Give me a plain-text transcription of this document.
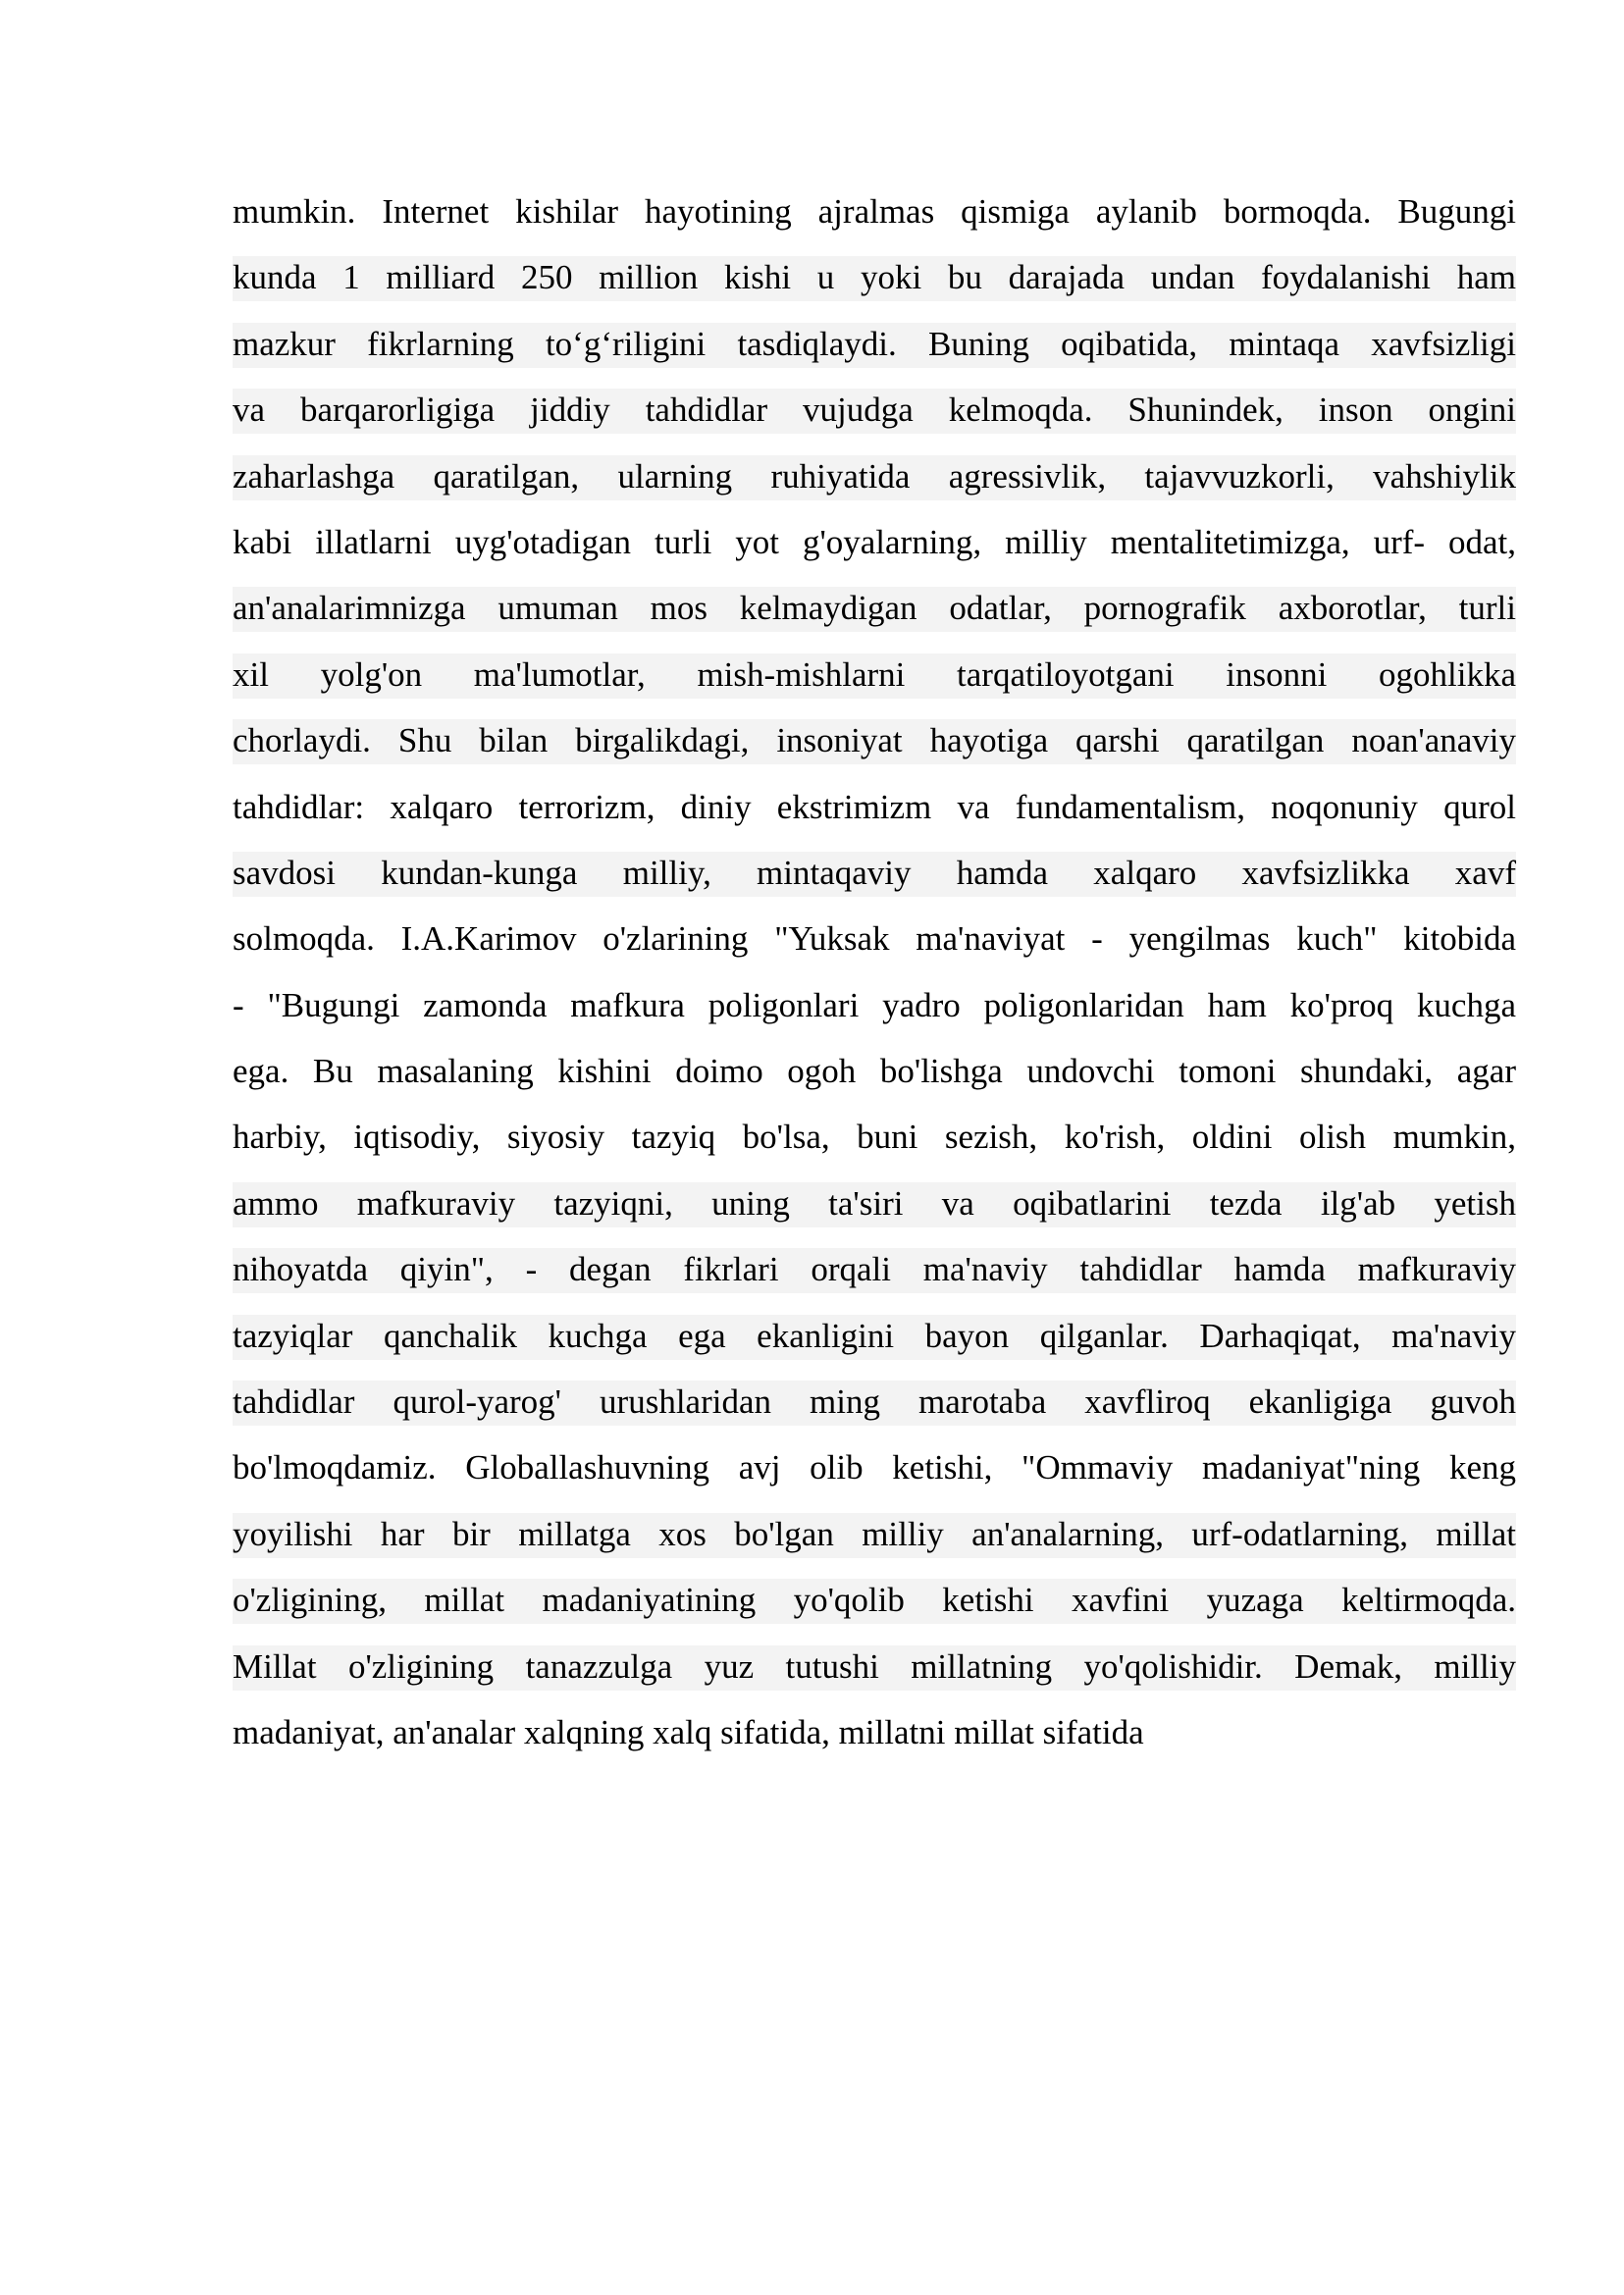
mumkin. Internet kishilar hayotining ajralmas qismiga aylanib bormoqda. Bugungi
kunda 1 milliard 250 million kishi u yoki bu darajada undan foydalanishi ham
mazkur fikrlarning to‘g‘riligini tasdiqlaydi. Buning oqibatida, mintaqa xavfsizligi
va barqarorligiga jiddiy tahdidlar vujudga kelmoqda. Shunindek, inson ongini
zaharlashga qaratilgan, ularning ruhiyatida agressivlik, tajavvuzkorli, vahshiylik
kabi illatlarni uyg'otadigan turli yot g'oyalarning, milliy mentalitetimizga, urf- odat,
an'analarimnizga umuman mos kelmaydigan odatlar, pornografik axborotlar, turli
xil yolg'on ma'lumotlar, mish-mishlarni tarqatiloyotgani insonni ogohlikka
chorlaydi. Shu bilan birgalikdagi, insoniyat hayotiga qarshi qaratilgan noan'anaviy
tahdidlar: xalqaro terrorizm, diniy ekstrimizm va fundamentalism, noqonuniy qurol
savdosi kundan-kunga milliy, mintaqaviy hamda xalqaro xavfsizlikka xavf
solmoqda. I.A.Karimov o'zlarining "Yuksak ma'naviyat - yengilmas kuch" kitobida
- "Bugungi zamonda mafkura poligonlari yadro poligonlaridan ham ko'proq kuchga
ega. Bu masalaning kishini doimo ogoh bo'lishga undovchi tomoni shundaki, agar
harbiy, iqtisodiy, siyosiy tazyiq bo'lsa, buni sezish, ko'rish, oldini olish mumkin,
ammo mafkuraviy tazyiqni, uning ta'siri va oqibatlarini tezda ilg'ab yetish
nihoyatda qiyin", - degan fikrlari orqali ma'naviy tahdidlar hamda mafkuraviy
tazyiqlar qanchalik kuchga ega ekanligini bayon qilganlar. Darhaqiqat, ma'naviy
tahdidlar qurol-yarog' urushlaridan ming marotaba xavfliroq ekanligiga guvoh
bo'lmoqdamiz. Globallashuvning avj olib ketishi, "Ommaviy madaniyat"ning keng
yoyilishi har bir millatga xos bo'lgan milliy an'analarning, urf-odatlarning, millat
o'zligining, millat madaniyatining yo'qolib ketishi xavfini yuzaga keltirmoqda.
Millat o'zligining tanazzulga yuz tutushi millatning yo'qolishidir. Demak, milliy
madaniyat, an'analar xalqning xalq sifatida, millatni millat sifatida
